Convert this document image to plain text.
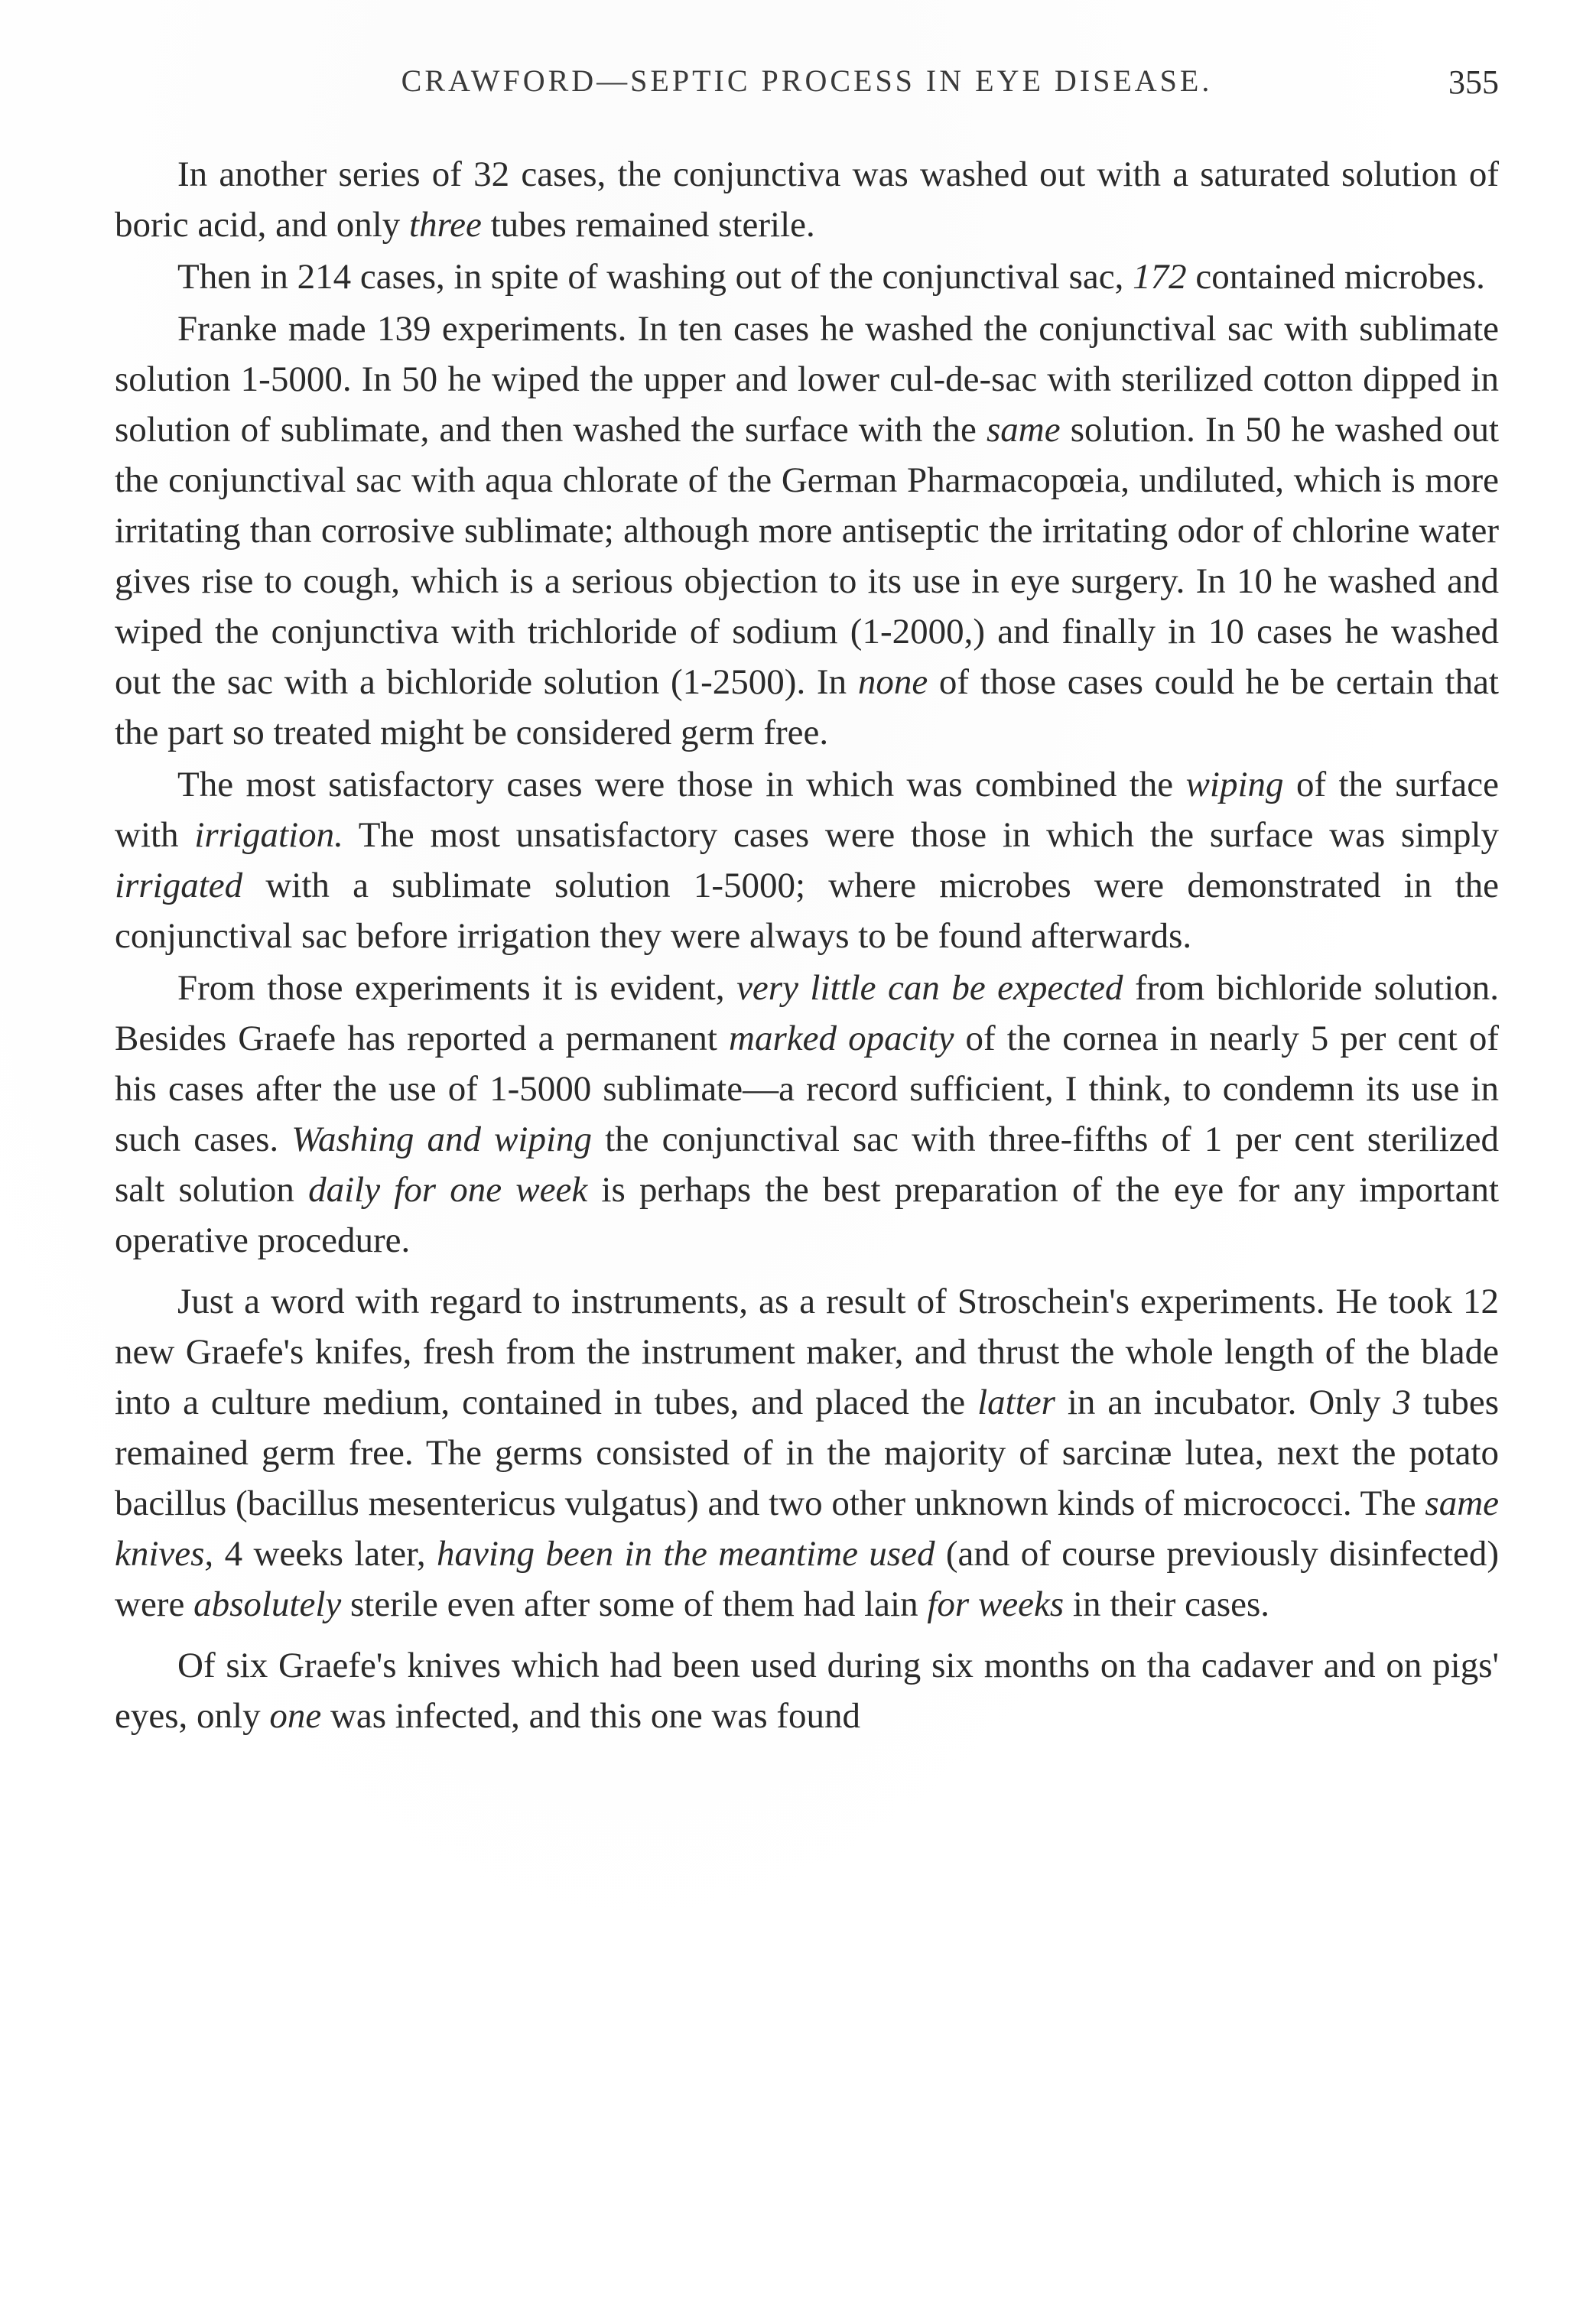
CRAWFORD—SEPTIC PROCESS IN EYE DISEASE.	355

In another series of 32 cases, the conjunctiva was washed out with a saturated solution of boric acid, and only three tubes remained sterile.

Then in 214 cases, in spite of washing out of the conjunctival sac, 172 contained microbes.

Franke made 139 experiments. In ten cases he washed the conjunctival sac with sublimate solution 1-5000. In 50 he wiped the upper and lower cul-de-sac with sterilized cotton dipped in solution of sublimate, and then washed the surface with the same solution. In 50 he washed out the conjunctival sac with aqua chlorate of the German Pharmacopœia, undiluted, which is more irritating than corrosive sublimate; although more antiseptic the irritating odor of chlorine water gives rise to cough, which is a serious objection to its use in eye surgery. In 10 he washed and wiped the conjunctiva with trichloride of sodium (1-2000,) and finally in 10 cases he washed out the sac with a bichloride solution (1-2500). In none of those cases could he be certain that the part so treated might be considered germ free.

The most satisfactory cases were those in which was combined the wiping of the surface with irrigation. The most unsatisfactory cases were those in which the surface was simply irrigated with a sublimate solution 1-5000; where microbes were demonstrated in the conjunctival sac before irrigation they were always to be found afterwards.

From those experiments it is evident, very little can be expected from bichloride solution. Besides Graefe has reported a permanent marked opacity of the cornea in nearly 5 per cent of his cases after the use of 1-5000 sublimate—a record sufficient, I think, to condemn its use in such cases. Washing and wiping the conjunctival sac with three-fifths of 1 per cent sterilized salt solution daily for one week is perhaps the best preparation of the eye for any important operative procedure.

Just a word with regard to instruments, as a result of Stroschein's experiments. He took 12 new Graefe's knifes, fresh from the instrument maker, and thrust the whole length of the blade into a culture medium, contained in tubes, and placed the latter in an incubator. Only 3 tubes remained germ free. The germs consisted of in the majority of sarcinæ lutea, next the potato bacillus (bacillus mesentericus vulgatus) and two other unknown kinds of micrococci. The same knives, 4 weeks later, having been in the meantime used (and of course previously disinfected) were absolutely sterile even after some of them had lain for weeks in their cases.

Of six Graefe's knives which had been used during six months on tha cadaver and on pigs' eyes, only one was infected, and this one was found
